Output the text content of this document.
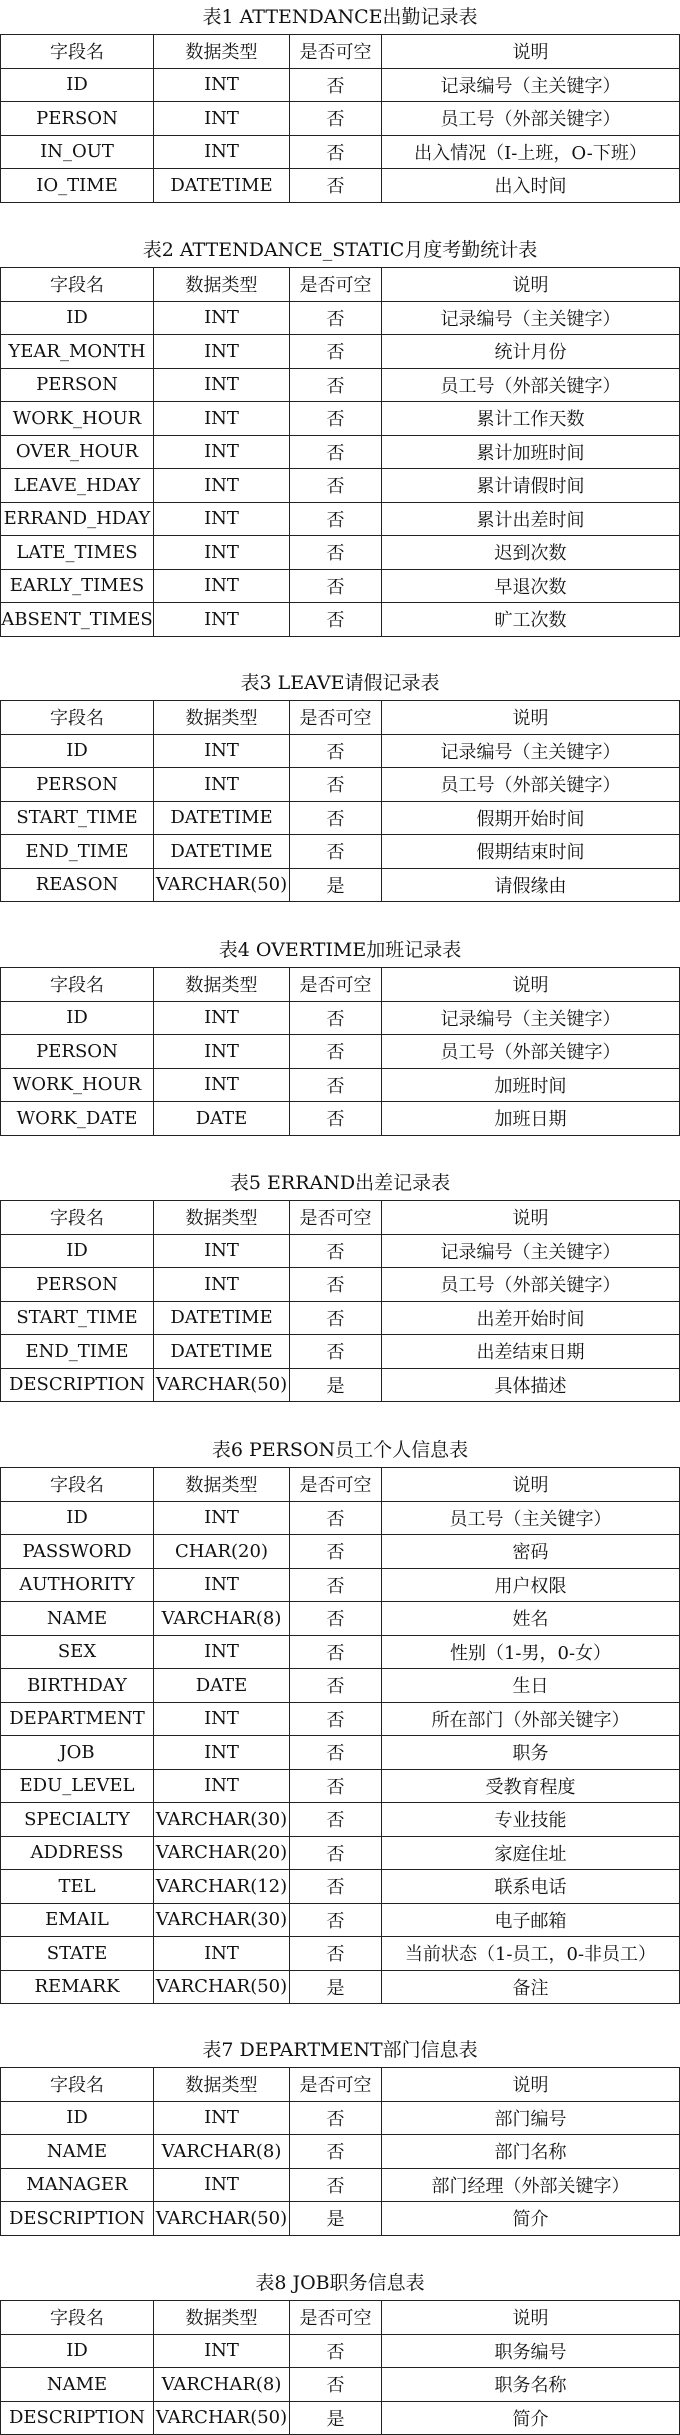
表1 ATTENDANCE出勤记录表
字段名	数据类型	是否可空	说明
ID	INT	否	记录编号（主关键字）
PERSON	INT	否	员工号（外部关键字）
IN_OUT	INT	否	出入情况（I-上班，O-下班）
IO_TIME	DATETIME	否	出入时间
表2 ATTENDANCE_STATIC月度考勤统计表
字段名	数据类型	是否可空	说明
ID	INT	否	记录编号（主关键字）
YEAR_MONTH	INT	否	统计月份
PERSON	INT	否	员工号（外部关键字）
WORK_HOUR	INT	否	累计工作天数
OVER_HOUR	INT	否	累计加班时间
LEAVE_HDAY	INT	否	累计请假时间
ERRAND_HDAY	INT	否	累计出差时间
LATE_TIMES	INT	否	迟到次数
EARLY_TIMES	INT	否	早退次数
ABSENT_TIMES	INT	否	旷工次数
表3 LEAVE请假记录表
字段名	数据类型	是否可空	说明
ID	INT	否	记录编号（主关键字）
PERSON	INT	否	员工号（外部关键字）
START_TIME	DATETIME	否	假期开始时间
END_TIME	DATETIME	否	假期结束时间
REASON	VARCHAR(50)	是	请假缘由
表4 OVERTIME加班记录表
字段名	数据类型	是否可空	说明
ID	INT	否	记录编号（主关键字）
PERSON	INT	否	员工号（外部关键字）
WORK_HOUR	INT	否	加班时间
WORK_DATE	DATE	否	加班日期
表5 ERRAND出差记录表
字段名	数据类型	是否可空	说明
ID	INT	否	记录编号（主关键字）
PERSON	INT	否	员工号（外部关键字）
START_TIME	DATETIME	否	出差开始时间
END_TIME	DATETIME	否	出差结束日期
DESCRIPTION	VARCHAR(50)	是	具体描述
表6 PERSON员工个人信息表
字段名	数据类型	是否可空	说明
ID	INT	否	员工号（主关键字）
PASSWORD	CHAR(20)	否	密码
AUTHORITY	INT	否	用户权限
NAME	VARCHAR(8)	否	姓名
SEX	INT	否	性别（1-男，0-女）
BIRTHDAY	DATE	否	生日
DEPARTMENT	INT	否	所在部门（外部关键字）
JOB	INT	否	职务
EDU_LEVEL	INT	否	受教育程度
SPECIALTY	VARCHAR(30)	否	专业技能
ADDRESS	VARCHAR(20)	否	家庭住址
TEL	VARCHAR(12)	否	联系电话
EMAIL	VARCHAR(30)	否	电子邮箱
STATE	INT	否	当前状态（1-员工，0-非员工）
REMARK	VARCHAR(50)	是	备注
表7 DEPARTMENT部门信息表
字段名	数据类型	是否可空	说明
ID	INT	否	部门编号
NAME	VARCHAR(8)	否	部门名称
MANAGER	INT	否	部门经理（外部关键字）
DESCRIPTION	VARCHAR(50)	是	简介
表8 JOB职务信息表
字段名	数据类型	是否可空	说明
ID	INT	否	职务编号
NAME	VARCHAR(8)	否	职务名称
DESCRIPTION	VARCHAR(50)	是	简介
